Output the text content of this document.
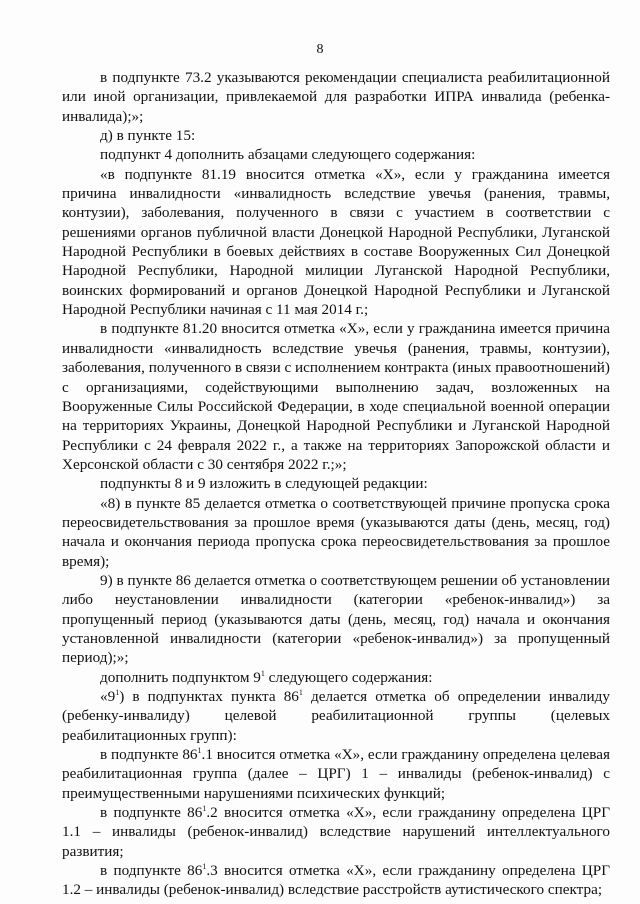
8

в подпункте 73.2 указываются рекомендации специалиста реабилитационной или иной организации, привлекаемой для разработки ИПРА инвалида (ребенка-инвалида);»;

д) в пункте 15:

подпункт 4 дополнить абзацами следующего содержания:

«в подпункте 81.19 вносится отметка «Х», если у гражданина имеется причина инвалидности «инвалидность вследствие увечья (ранения, травмы, контузии), заболевания, полученного в связи с участием в соответствии с решениями органов публичной власти Донецкой Народной Республики, Луганской Народной Республики в боевых действиях в составе Вооруженных Сил Донецкой Народной Республики, Народной милиции Луганской Народной Республики, воинских формирований и органов Донецкой Народной Республики и Луганской Народной Республики начиная с 11 мая 2014 г.;

в подпункте 81.20 вносится отметка «Х», если у гражданина имеется причина инвалидности «инвалидность вследствие увечья (ранения, травмы, контузии), заболевания, полученного в связи с исполнением контракта (иных правоотношений) с организациями, содействующими выполнению задач, возложенных на Вооруженные Силы Российской Федерации, в ходе специальной военной операции на территориях Украины, Донецкой Народной Республики и Луганской Народной Республики с 24 февраля 2022 г., а также на территориях Запорожской области и Херсонской области с 30 сентября 2022 г.;»;

подпункты 8 и 9 изложить в следующей редакции:

«8) в пункте 85 делается отметка о соответствующей причине пропуска срока переосвидетельствования за прошлое время (указываются даты (день, месяц, год) начала и окончания периода пропуска срока переосвидетельствования за прошлое время);

9) в пункте 86 делается отметка о соответствующем решении об установлении либо неустановлении инвалидности (категории «ребенок-инвалид») за пропущенный период (указываются даты (день, месяц, год) начала и окончания установленной инвалидности (категории «ребенок-инвалид») за пропущенный период);»;

дополнить подпунктом $9^1$ следующего содержания:

«$9^1$) в подпунктах пункта $86^1$ делается отметка об определении инвалиду (ребенку-инвалиду) целевой реабилитационной группы (целевых реабилитационных групп):

в подпункте $86^1.1$ вносится отметка «Х», если гражданину определена целевая реабилитационная группа (далее – ЦРГ) 1 – инвалиды (ребенок-инвалид) с преимущественными нарушениями психических функций;

в подпункте $86^1.2$ вносится отметка «Х», если гражданину определена ЦРГ 1.1 – инвалиды (ребенок-инвалид) вследствие нарушений интеллектуального развития;

в подпункте $86^1.3$ вносится отметка «Х», если гражданину определена ЦРГ 1.2 – инвалиды (ребенок-инвалид) вследствие расстройств аутистического спектра;
